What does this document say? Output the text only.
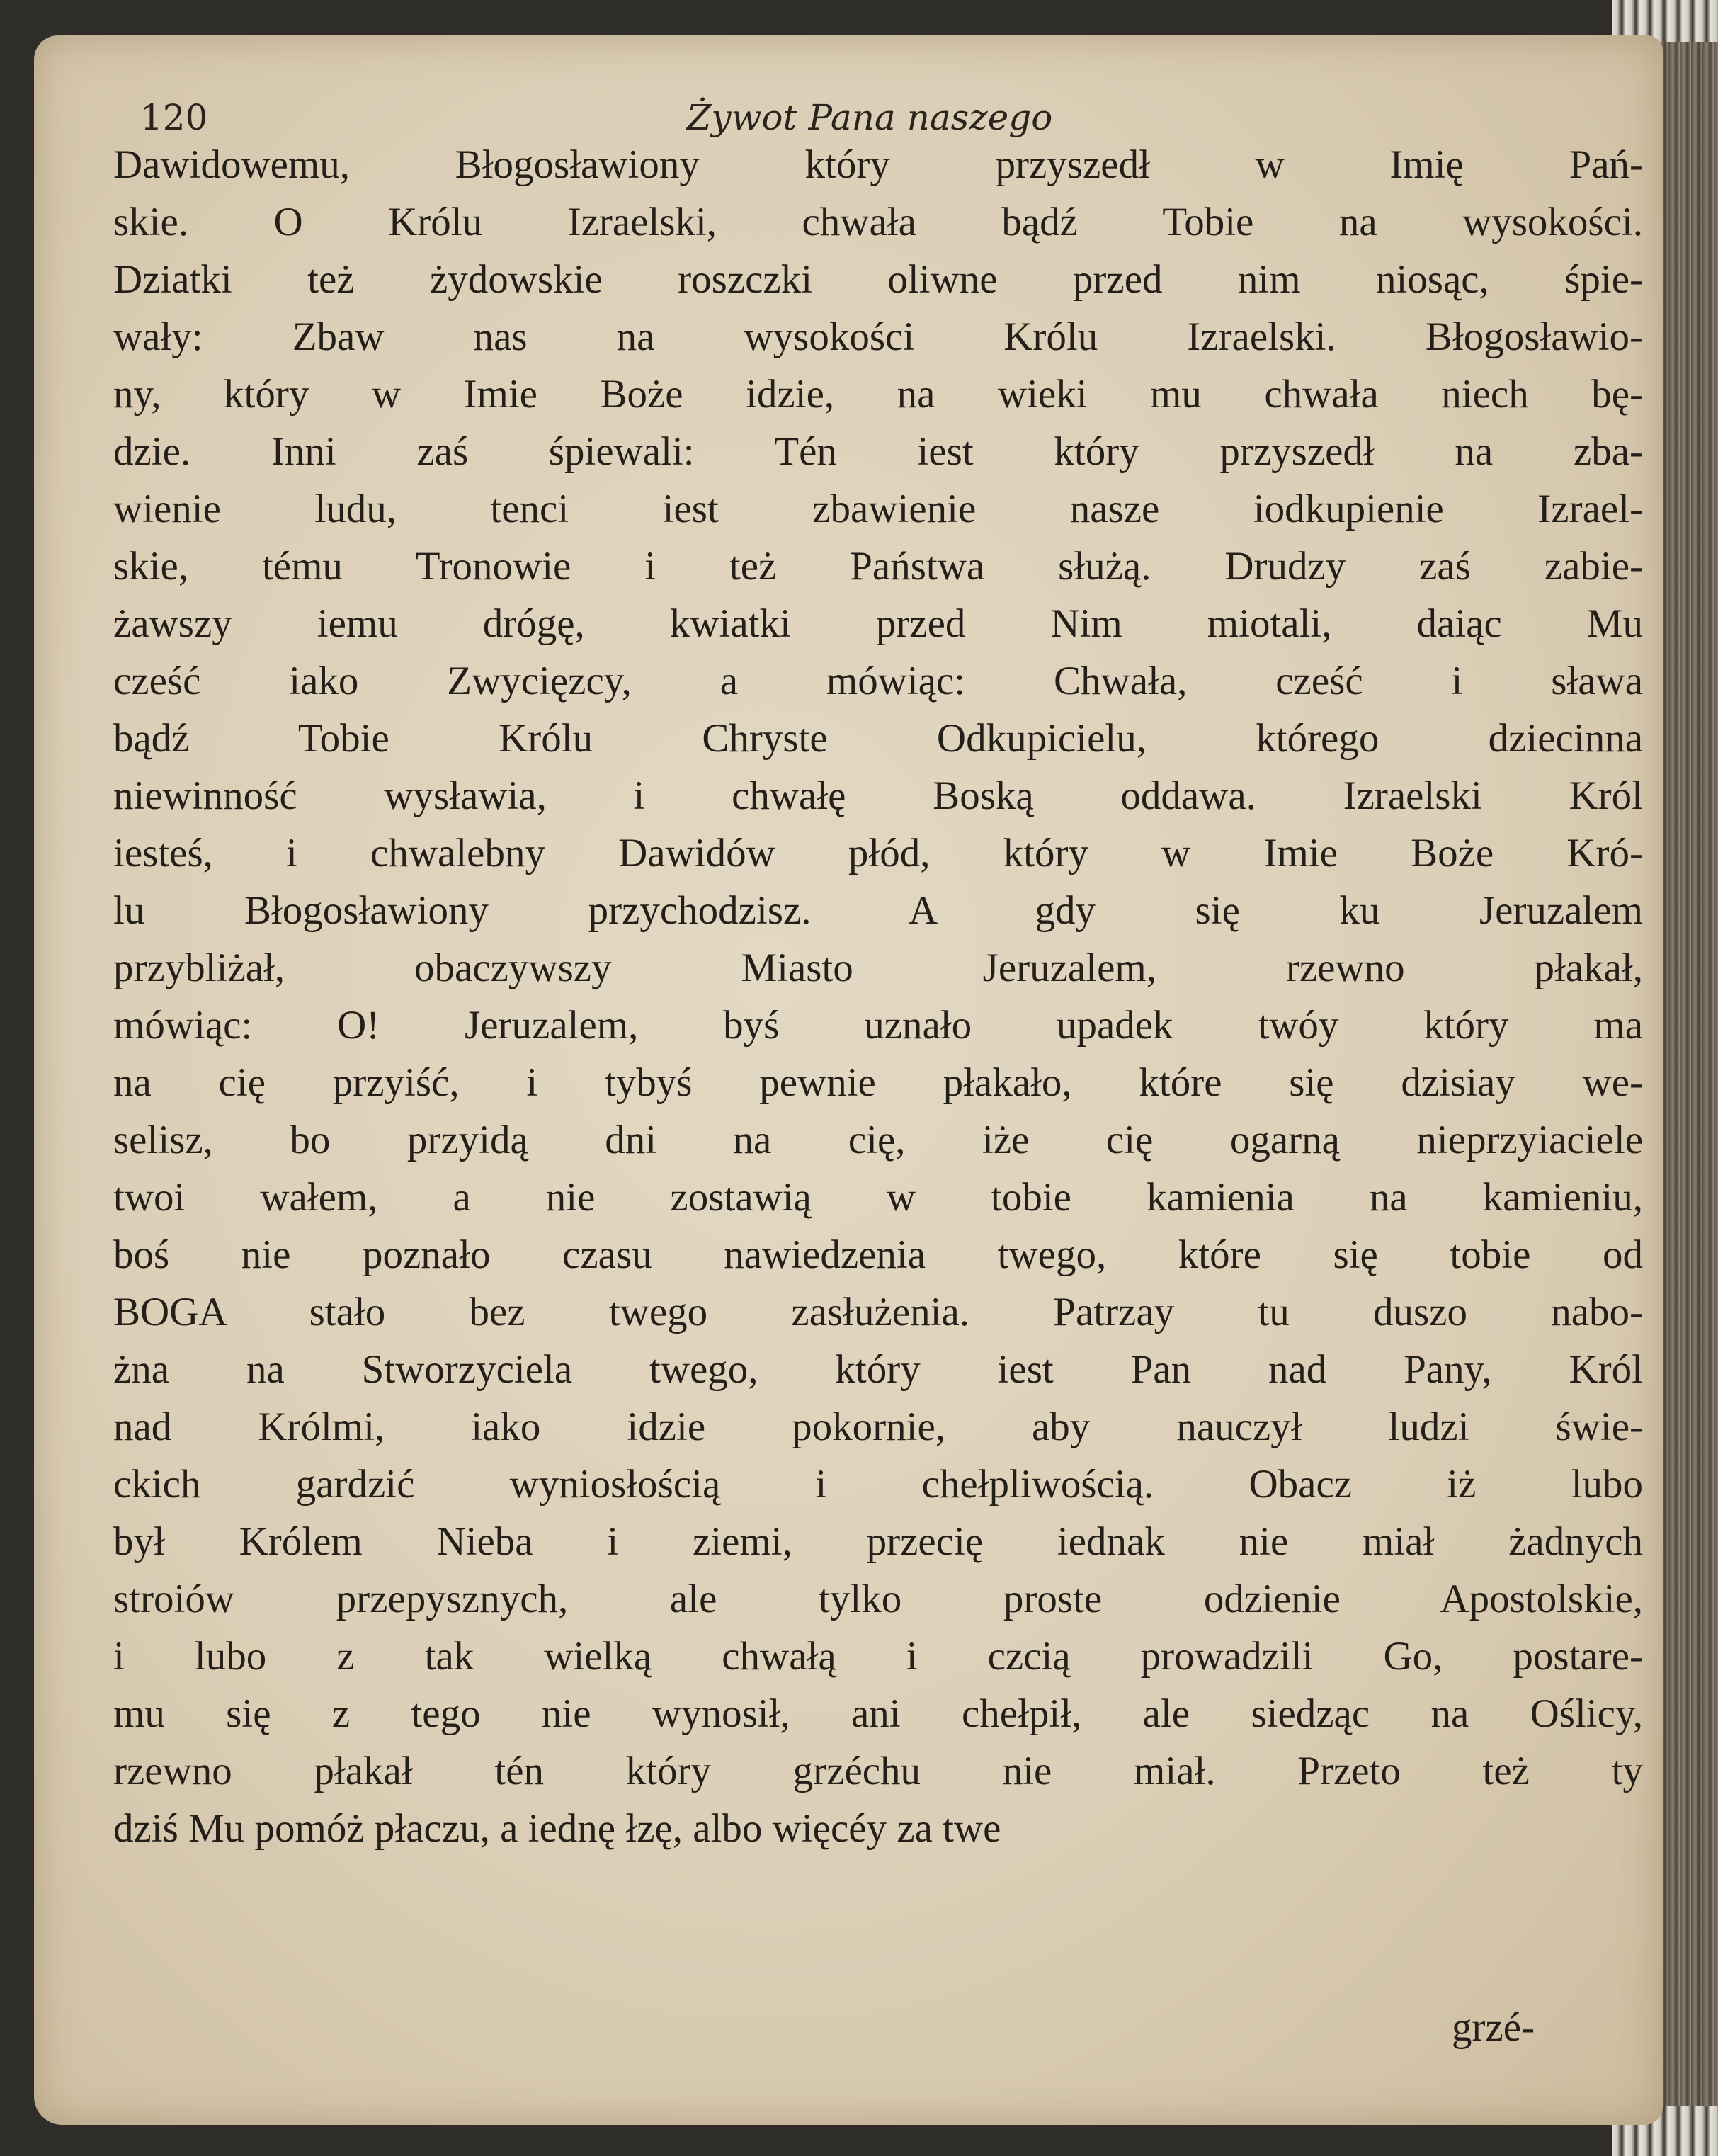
120	Żywot Pana naszego
Dawidowemu, Błogosławiony który przyszedł w Imię Pań-
skie. O Królu Izraelski, chwała bądź Tobie na wysokości.
Dziatki też żydowskie roszczki oliwne przed nim niosąc, śpie-
wały: Zbaw nas na wysokości Królu Izraelski. Błogosławio-
ny, który w Imie Boże idzie, na wieki mu chwała niech bę-
dzie. Inni zaś śpiewali: Tén iest który przyszedł na zba-
wienie ludu, tenci iest zbawienie nasze iodkupienie Izrael-
skie, tému Tronowie i też Państwa służą. Drudzy zaś zabie-
żawszy iemu drógę, kwiatki przed Nim miotali, daiąc Mu
cześć iako Zwycięzcy, a mówiąc: Chwała, cześć i sława
bądź Tobie Królu Chryste Odkupicielu, którego dziecinna
niewinność wysławia, i chwałę Boską oddawa. Izraelski Król
iesteś, i chwalebny Dawidów płód, który w Imie Boże Kró-
lu Błogosławiony przychodzisz. A gdy się ku Jeruzalem
przybliżał, obaczywszy Miasto Jeruzalem, rzewno płakał,
mówiąc: O! Jeruzalem, byś uznało upadek twóy który ma
na cię przyiść, i tybyś pewnie płakało, które się dzisiay we-
selisz, bo przyidą dni na cię, iże cię ogarną nieprzyiaciele
twoi wałem, a nie zostawią w tobie kamienia na kamieniu,
boś nie poznało czasu nawiedzenia twego, które się tobie od
BOGA stało bez twego zasłużenia. Patrzay tu duszo nabo-
żna na Stworzyciela twego, który iest Pan nad Pany, Król
nad Królmi, iako idzie pokornie, aby nauczył ludzi świe-
ckich gardzić wyniosłością i chełpliwością. Obacz iż lubo
był Królem Nieba i ziemi, przecię iednak nie miał żadnych
stroiów przepysznych, ale tylko proste odzienie Apostolskie,
i lubo z tak wielką chwałą i czcią prowadzili Go, postare-
mu się z tego nie wynosił, ani chełpił, ale siedząc na Oślicy,
rzewno płakał tén który grzéchu nie miał. Przeto też ty
dziś Mu pomóż płaczu, a iednę łzę, albo więcéy za twe
grzé-
